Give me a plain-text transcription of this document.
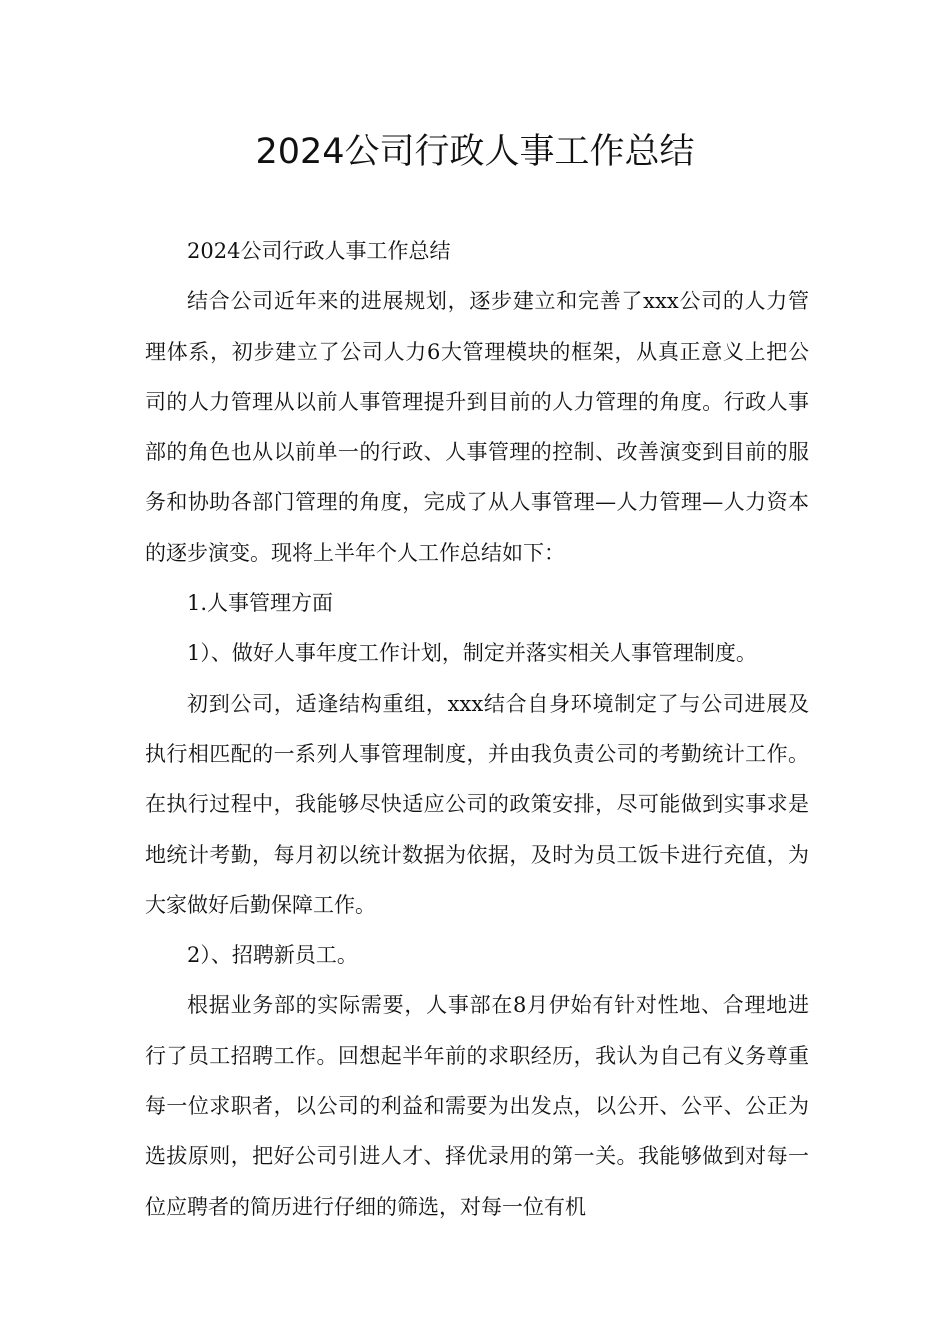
2024公司行政人事工作总结

2024公司行政人事工作总结

结合公司近年来的进展规划，逐步建立和完善了xxx公司的人力管理体系，初步建立了公司人力6大管理模块的框架，从真正意义上把公司的人力管理从以前人事管理提升到目前的人力管理的角度。行政人事部的角色也从以前单一的行政、人事管理的控制、改善演变到目前的服务和协助各部门管理的角度，完成了从人事管理—人力管理—人力资本的逐步演变。现将上半年个人工作总结如下：

1.人事管理方面

1）、做好人事年度工作计划，制定并落实相关人事管理制度。

初到公司，适逢结构重组，xxx结合自身环境制定了与公司进展及执行相匹配的一系列人事管理制度，并由我负责公司的考勤统计工作。在执行过程中，我能够尽快适应公司的政策安排，尽可能做到实事求是地统计考勤，每月初以统计数据为依据，及时为员工饭卡进行充值，为大家做好后勤保障工作。

2）、招聘新员工。

根据业务部的实际需要，人事部在8月伊始有针对性地、合理地进行了员工招聘工作。回想起半年前的求职经历，我认为自己有义务尊重每一位求职者，以公司的利益和需要为出发点，以公开、公平、公正为选拔原则，把好公司引进人才、择优录用的第一关。我能够做到对每一位应聘者的简历进行仔细的筛选，对每一位有机
